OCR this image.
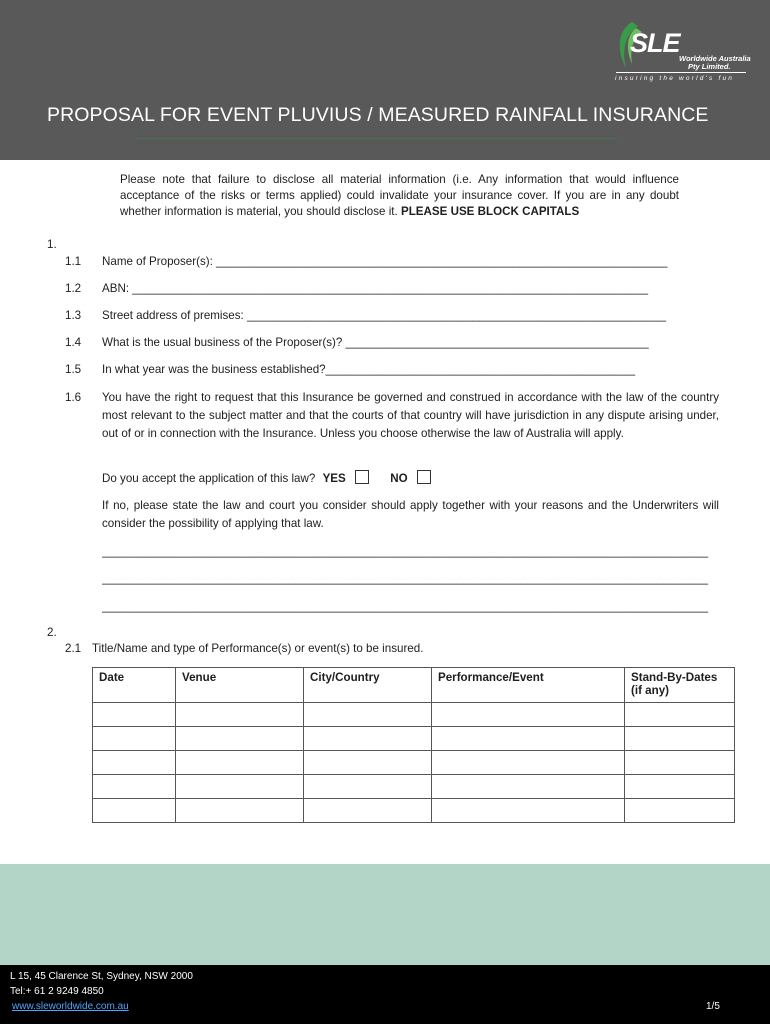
SLE
Worldwide Australia
Pty Limited.
insuring the world's fun
PROPOSAL FOR EVENT PLUVIUS / MEASURED RAINFALL INSURANCE
Please note that failure to disclose all material information (i.e. Any information that would influence acceptance of the risks or terms applied) could invalidate your insurance cover. If you are in any doubt whether information is material, you should disclose it. PLEASE USE BLOCK CAPITALS
1.
1.1 Name of Proposer(s): ______________________________________________________________________
1.2 ABN: ________________________________________________________________________________
1.3 Street address of premises: _________________________________________________________________
1.4 What is the usual business of the Proposer(s)? _______________________________________________
1.5 In what year was the business established?________________________________________________
1.6 You have the right to request that this Insurance be governed and construed in accordance with the law of the country most relevant to the subject matter and that the courts of that country will have jurisdiction in any dispute arising under, out of or in connection with the Insurance. Unless you choose otherwise the law of Australia will apply.
Do you accept the application of this law? YES	NO
If no, please state the law and court you consider should apply together with your reasons and the Underwriters will consider the possibility of applying that law.
______________________________________________________________________________________________
______________________________________________________________________________________________
______________________________________________________________________________________________
2.
2.1 Title/Name and type of Performance(s) or event(s) to be insured.
Date	Venue	City/Country	Performance/Event	Stand-By-Dates (if any)

L 15, 45 Clarence St, Sydney, NSW 2000
Tel:+ 61 2 9249 4850
www.sleworldwide.com.au	1/5
